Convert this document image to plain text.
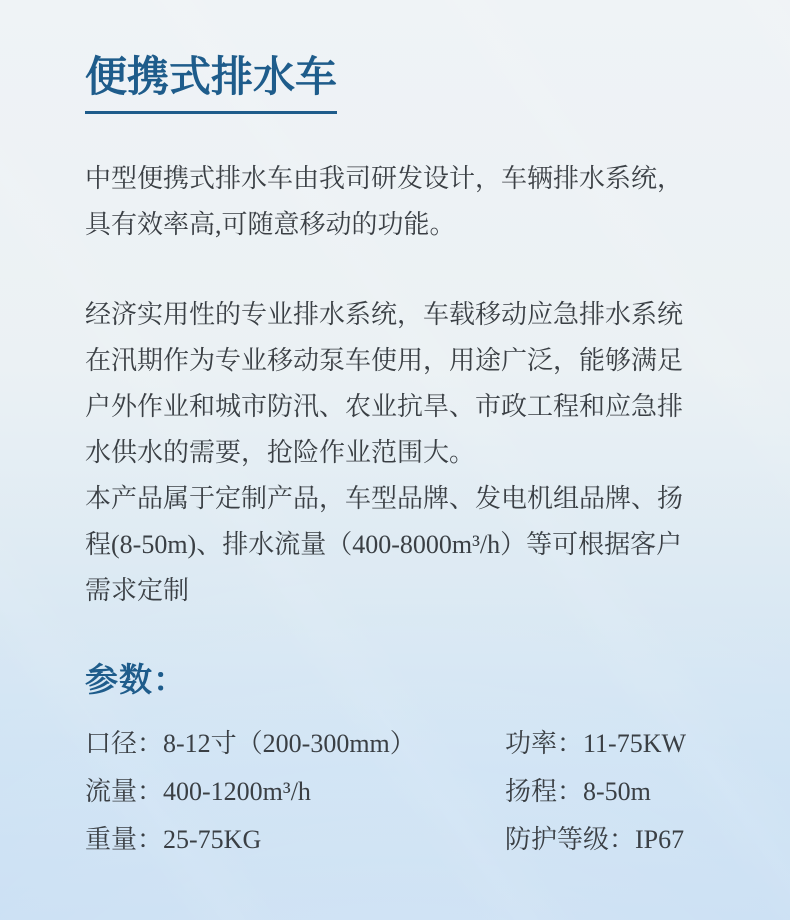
便携式排水车

中型便携式排水车由我司研发设计，车辆排水系统，具有效率高,可随意移动的功能。

经济实用性的专业排水系统，车载移动应急排水系统在汛期作为专业移动泵车使用，用途广泛，能够满足户外作业和城市防汛、农业抗旱、市政工程和应急排水供水的需要，抢险作业范围大。

本产品属于定制产品，车型品牌、发电机组品牌、扬程(8-50m)、排水流量（400-8000m³/h）等可根据客户需求定制

参数：
口径：8-12寸（200-300mm）
流量：400-1200m³/h
重量：25-75KG
功率：11-75KW
扬程：8-50m
防护等级：IP67
